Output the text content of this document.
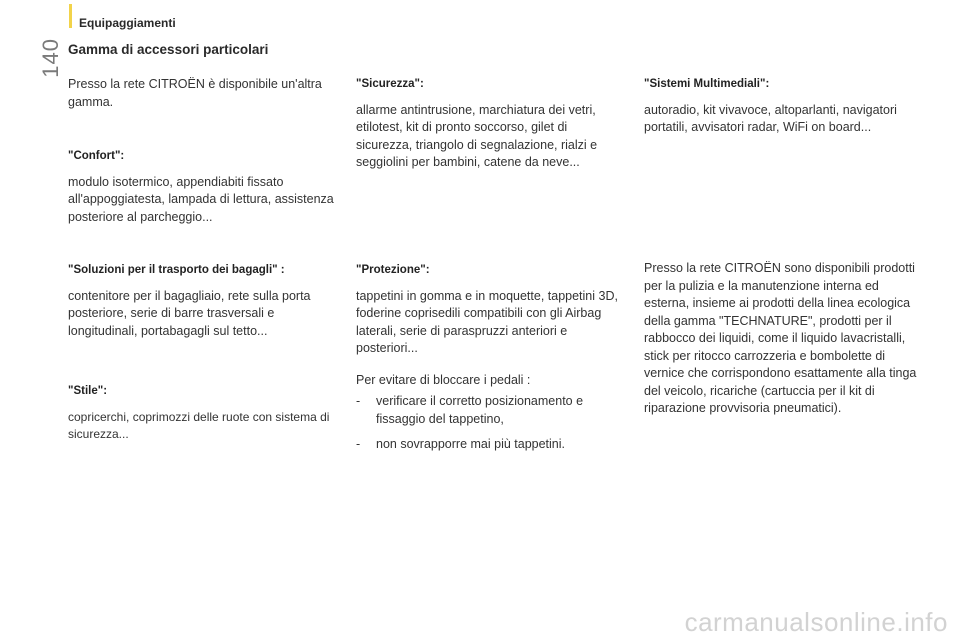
140
Equipaggiamenti
Gamma di accessori particolari

Presso la rete CITROËN è disponibile un'altra gamma.

"Confort":

modulo isotermico, appendiabiti fissato all'appoggiatesta, lampada di lettura, assistenza posteriore al parcheggio...

"Soluzioni per il trasporto dei bagagli" :

contenitore per il bagagliaio, rete sulla porta posteriore, serie di barre trasversali e longitudinali, portabagagli sul tetto...

"Stile":

copricerchi, coprimozzi delle ruote con sistema di sicurezza...

"Sicurezza":

allarme antintrusione, marchiatura dei vetri, etilotest, kit di pronto soccorso, gilet di sicurezza, triangolo di segnalazione, rialzi e seggiolini per bambini, catene da neve...

"Protezione":

tappetini in gomma e in moquette, tappetini 3D, foderine coprisedili compatibili con gli Airbag laterali, serie di paraspruzzi anteriori e posteriori...

Per evitare di bloccare i pedali :

- verificare il corretto posizionamento e fissaggio del tappetino,
- non sovrapporre mai più tappetini.
"Sistemi Multimediali":

autoradio, kit vivavoce, altoparlanti, navigatori portatili, avvisatori radar, WiFi on board...

Presso la rete CITROËN sono disponibili prodotti per la pulizia e la manutenzione interna ed esterna, insieme ai prodotti della linea ecologica della gamma "TECHNATURE", prodotti per il rabbocco dei liquidi, come il liquido lavacristalli, stick per ritocco carrozzeria e bombolette di vernice che corrispondono esattamente alla tinga del veicolo, ricariche (cartuccia per il kit di riparazione provvisoria pneumatici).

carmanualsonline.info
